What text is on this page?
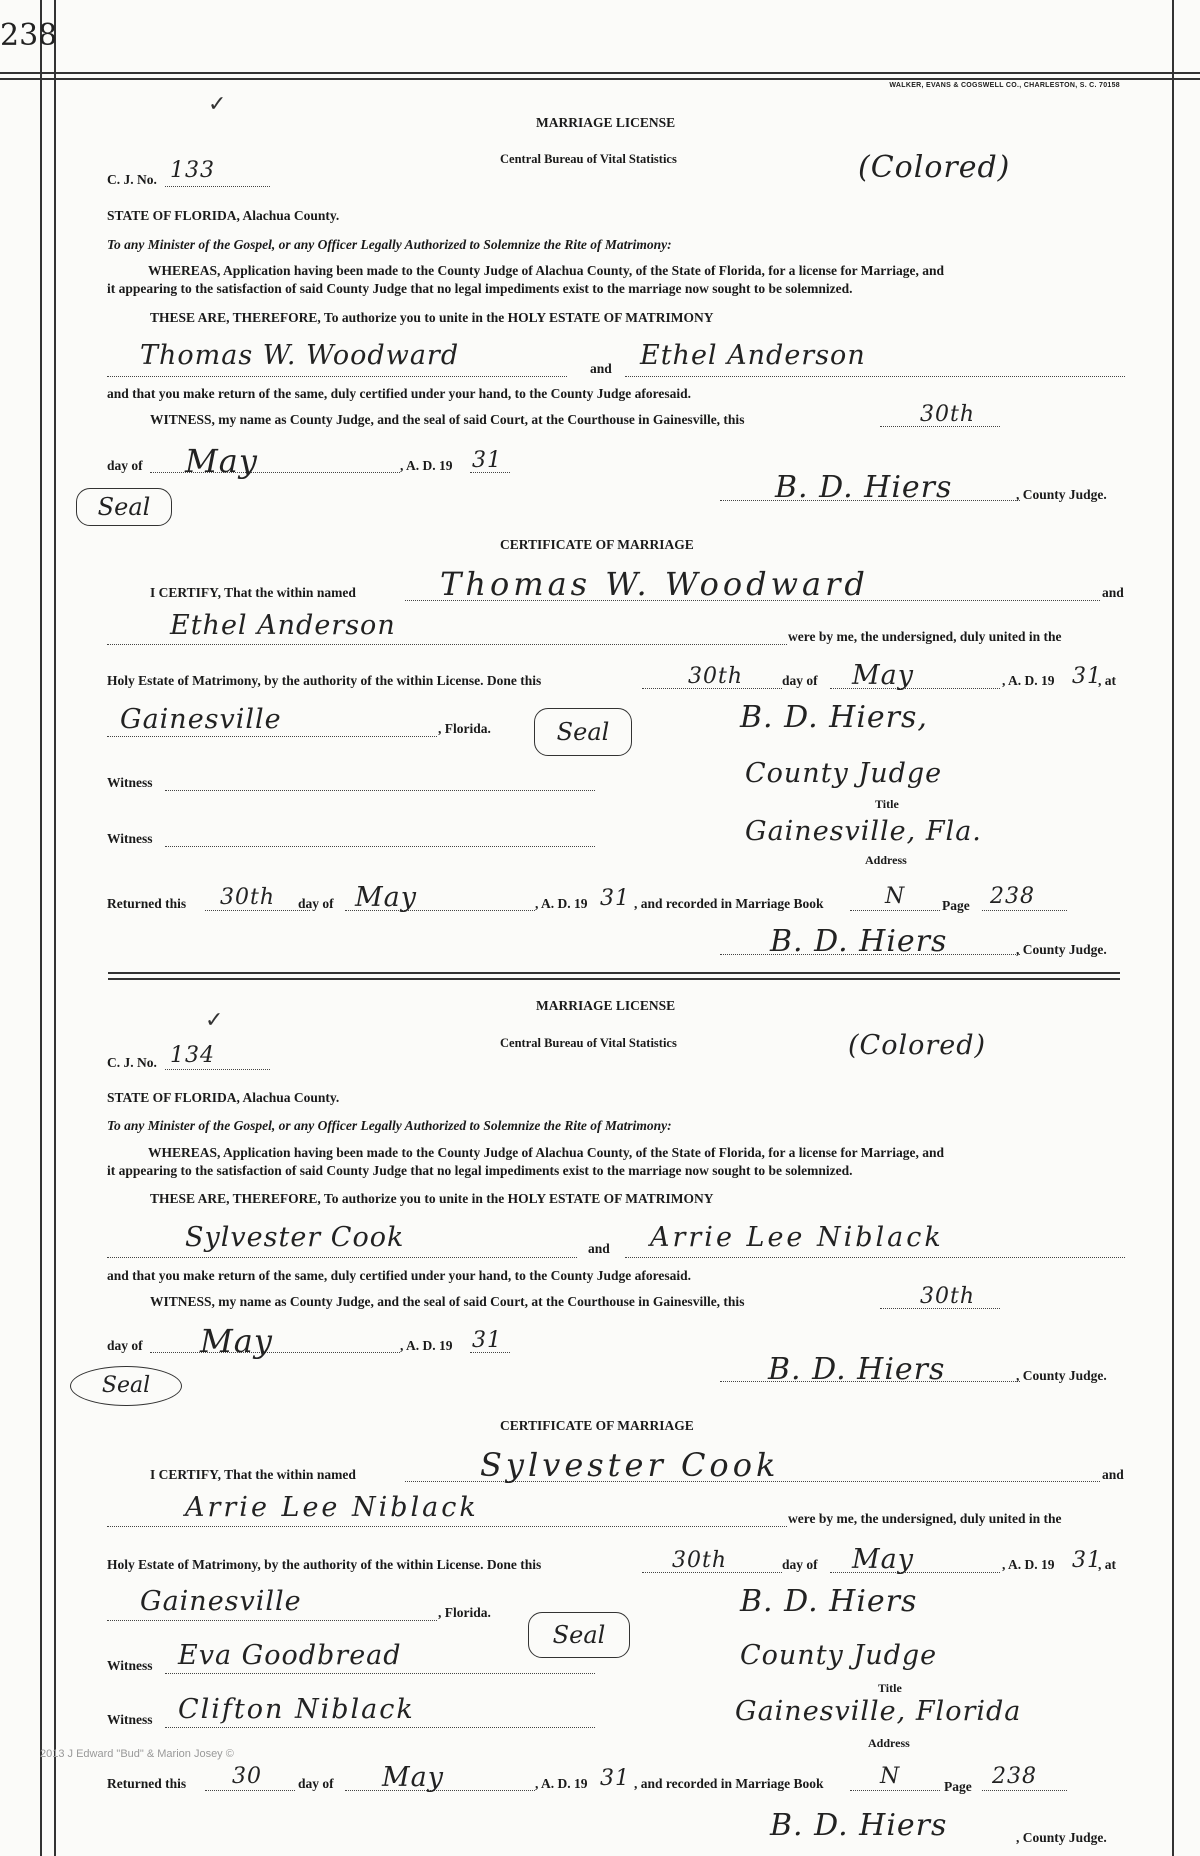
238
WALKER, EVANS & COGSWELL CO., CHARLESTON, S. C. 70158
✓
MARRIAGE LICENSE
Central Bureau of Vital Statistics	(Colored)
C. J. No. 133
STATE OF FLORIDA, Alachua County.
To any Minister of the Gospel, or any Officer Legally Authorized to Solemnize the Rite of Matrimony:
WHEREAS, Application having been made to the County Judge of Alachua County, of the State of Florida, for a license for Marriage, and
it appearing to the satisfaction of said County Judge that no legal impediments exist to the marriage now sought to be solemnized.
THESE ARE, THEREFORE, To authorize you to unite in the HOLY ESTATE OF MATRIMONY
Thomas W. Woodward	and Ethel Anderson
and that you make return of the same, duly certified under your hand, to the County Judge aforesaid.
WITNESS, my name as County Judge, and the seal of said Court, at the Courthouse in Gainesville, this	30th
day of May	, A. D. 19 31
Seal
B. D. Hiers	, County Judge.
CERTIFICATE OF MARRIAGE
I CERTIFY, That the within named	Thomas W. Woodward	and
Ethel Anderson	were by me, the undersigned, duly united in the
Holy Estate of Matrimony, by the authority of the within License. Done this	30th	day of May	, A. D. 19 31
, at
Gainesville	, Florida.	Seal	B. D. Hiers,
Witness	County Judge
Title
Witness	Gainesville, Fla.
Address
Returned this 30th day of May	, A. D. 19 31 , and recorded in Marriage Book	N	Page 238
B. D. Hiers	, County Judge.
✓
MARRIAGE LICENSE
Central Bureau of Vital Statistics	(Colored)
C. J. No. 134
STATE OF FLORIDA, Alachua County.
To any Minister of the Gospel, or any Officer Legally Authorized to Solemnize the Rite of Matrimony:
WHEREAS, Application having been made to the County Judge of Alachua County, of the State of Florida, for a license for Marriage, and
it appearing to the satisfaction of said County Judge that no legal impediments exist to the marriage now sought to be solemnized.
THESE ARE, THEREFORE, To authorize you to unite in the HOLY ESTATE OF MATRIMONY
Sylvester Cook	and Arrie Lee Niblack
and that you make return of the same, duly certified under your hand, to the County Judge aforesaid.
WITNESS, my name as County Judge, and the seal of said Court, at the Courthouse in Gainesville, this	30th
day of May	, A. D. 19 31
Seal	B. D. Hiers	, County Judge.
CERTIFICATE OF MARRIAGE
I CERTIFY, That the within named	Sylvester Cook	and
Arrie Lee Niblack	were by me, the undersigned, duly united in the
Holy Estate of Matrimony, by the authority of the within License. Done this	30th	day of May	, A. D. 19 31
, at
Gainesville	, Florida.
Seal
B. D. Hiers
Witness Eva Goodbread	County Judge
Title
Witness Clifton Niblack	Gainesville, Florida
Address
Returned this 30	day of May	, A. D. 19 31 , and recorded in Marriage Book	N	Page 238
B. D. Hiers	, County Judge.
2013 J Edward "Bud" & Marion Josey ©
